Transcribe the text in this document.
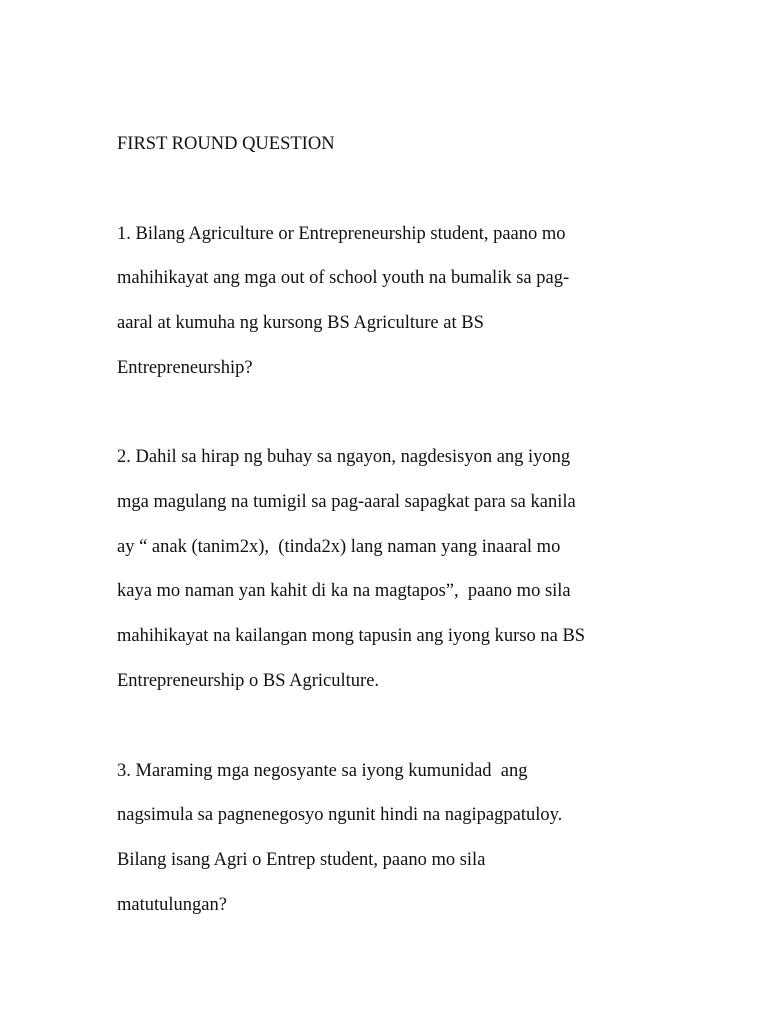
FIRST ROUND QUESTION

1. Bilang Agriculture or Entrepreneurship student, paano mo

mahihikayat ang mga out of school youth na bumalik sa pag-

aaral at kumuha ng kursong BS Agriculture at BS

Entrepreneurship?

2. Dahil sa hirap ng buhay sa ngayon, nagdesisyon ang iyong

mga magulang na tumigil sa pag-aaral sapagkat para sa kanila

ay “ anak (tanim2x),  (tinda2x) lang naman yang inaaral mo

kaya mo naman yan kahit di ka na magtapos”,  paano mo sila

mahihikayat na kailangan mong tapusin ang iyong kurso na BS

Entrepreneurship o BS Agriculture.

3. Maraming mga negosyante sa iyong kumunidad  ang

nagsimula sa pagnenegosyo ngunit hindi na nagipagpatuloy.

Bilang isang Agri o Entrep student, paano mo sila

matutulungan?
